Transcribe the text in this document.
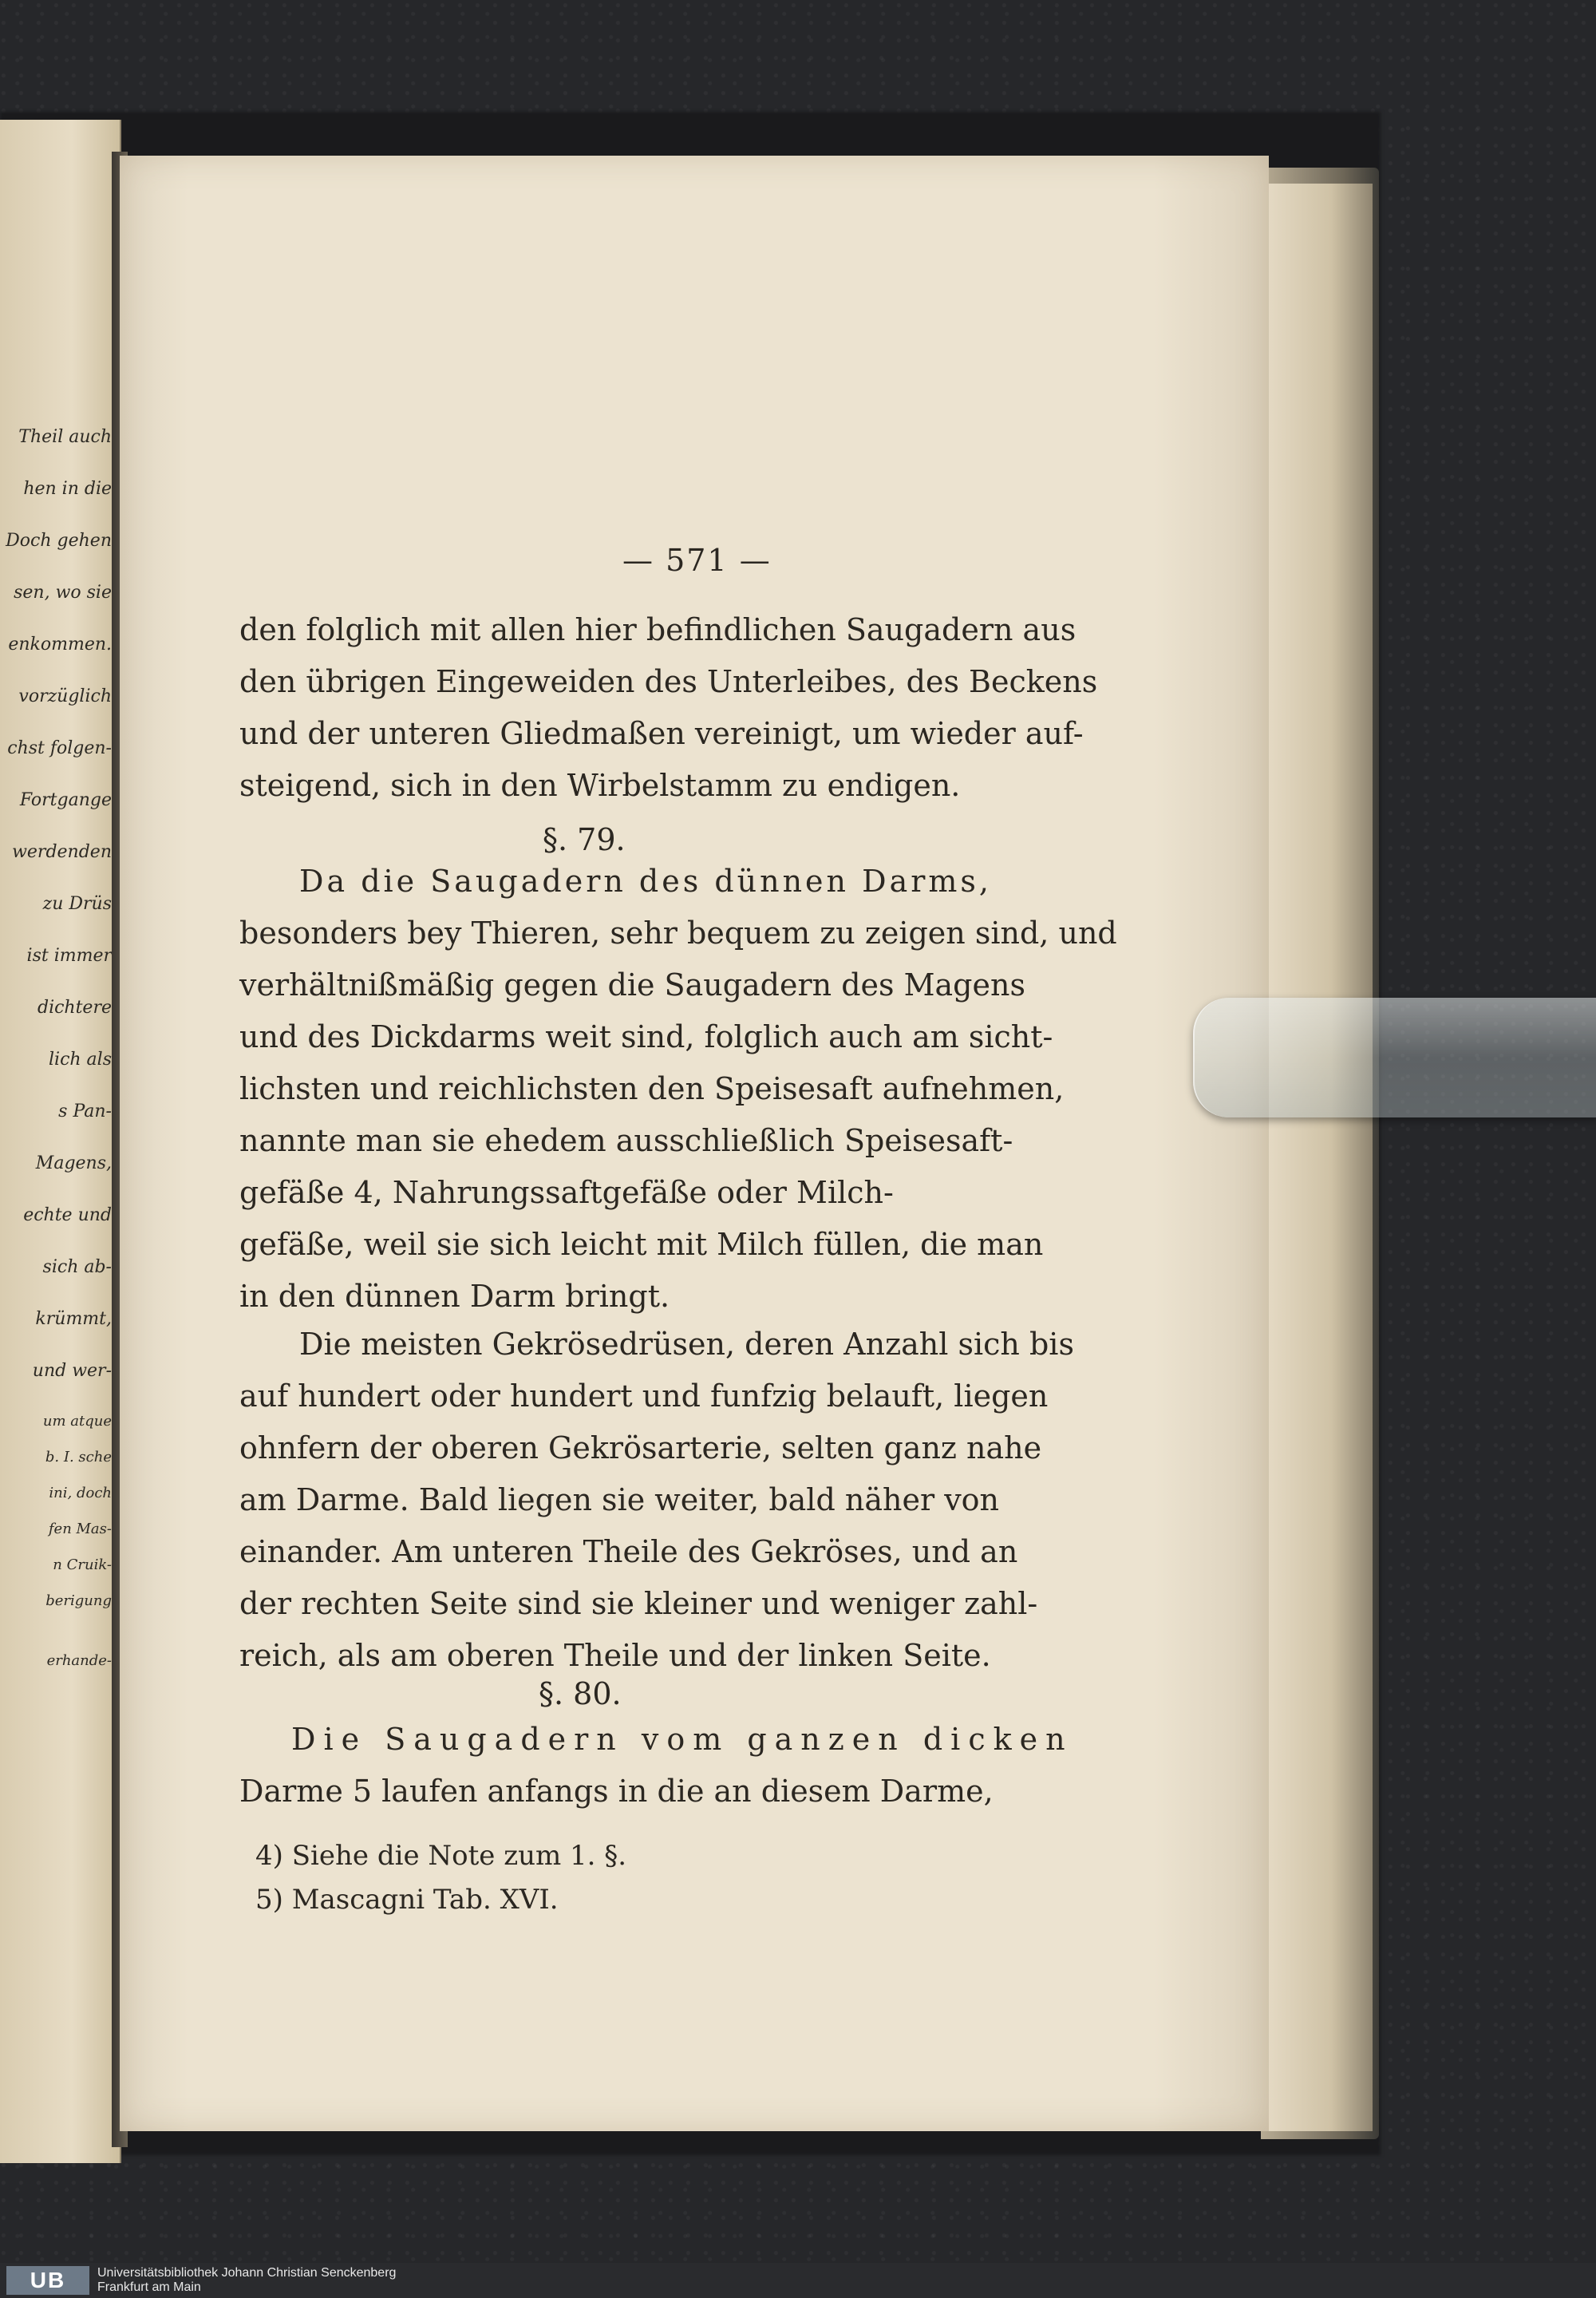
Theil auch
hen in die
Doch gehen
sen, wo sie
enkommen.
vorzüglich
chst folgen-
Fortgange
werdenden
zu Drüs
ist immer
dichtere
lich als
s Pan-
Magens,
echte und
sich ab-
krümmt,
und wer-
um atque
b. I. sche
ini, doch
fen Mas-
n Cruik-
berigung
erhande-
— 571 —
den folglich mit allen hier befindlichen Saugadern aus
den übrigen Eingeweiden des Unterleibes, des Beckens
und der unteren Gliedmaßen vereinigt, um wieder auf-
steigend, sich in den Wirbelstamm zu endigen.
§. 79.
Da die Saugadern des dünnen Darms,
besonders bey Thieren, sehr bequem zu zeigen sind, und
verhältnißmäßig gegen die Saugadern des Magens
und des Dickdarms weit sind, folglich auch am sicht-
lichsten und reichlichsten den Speisesaft aufnehmen,
nannte man sie ehedem ausschließlich Speisesaft-
gefäße 4, Nahrungssaftgefäße oder Milch-
gefäße, weil sie sich leicht mit Milch füllen, die man
in den dünnen Darm bringt.
Die meisten Gekrösedrüsen, deren Anzahl sich bis
auf hundert oder hundert und funfzig belauft, liegen
ohnfern der oberen Gekrösarterie, selten ganz nahe
am Darme. Bald liegen sie weiter, bald näher von
einander. Am unteren Theile des Gekröses, und an
der rechten Seite sind sie kleiner und weniger zahl-
reich, als am oberen Theile und der linken Seite.
§. 80.
Die Saugadern vom ganzen dicken
Darme 5 laufen anfangs in die an diesem Darme,
4) Siehe die Note zum 1. §.
5) Mascagni Tab. XVI.
UB	Universitätsbibliothek Johann Christian Senckenberg
Frankfurt am Main
